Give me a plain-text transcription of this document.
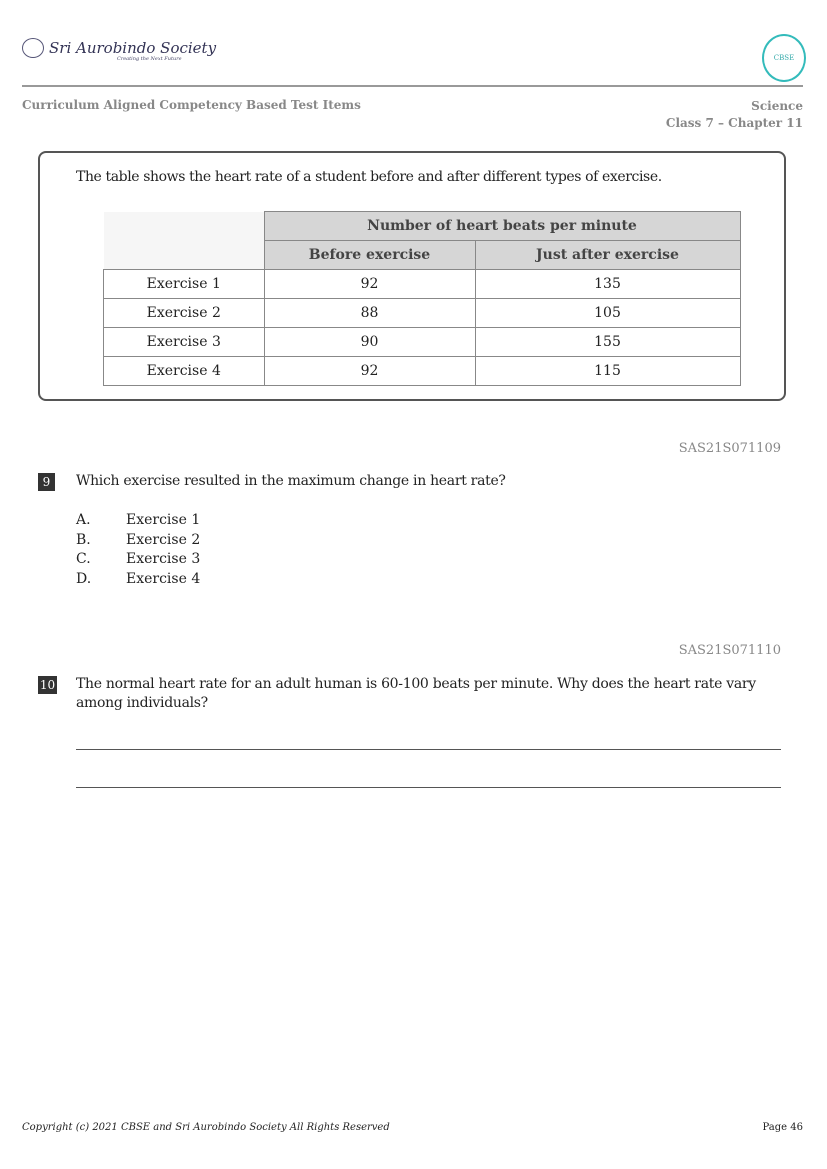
Sri Aurobindo Society
Creating the Next Future	CBSE
Curriculum Aligned Competency Based Test Items	Science
Class 7 – Chapter 11
The table shows the heart rate of a student before and after different types of exercise.
	Number of heart beats per minute	
	Before exercise	Just after exercise
Exercise 1	92	135
Exercise 2	88	105
Exercise 3	90	155
Exercise 4	92	115
SAS21S071109
9	Which exercise resulted in the maximum change in heart rate?
A.	Exercise 1
B.	Exercise 2
C.	Exercise 3
D. Exercise 4
SAS21S071110
10 The normal heart rate for an adult human is 60-100 beats per minute. Why does the heart rate vary among individuals?
Copyright (c) 2021 CBSE and Sri Aurobindo Society All Rights Reserved	Page 46
